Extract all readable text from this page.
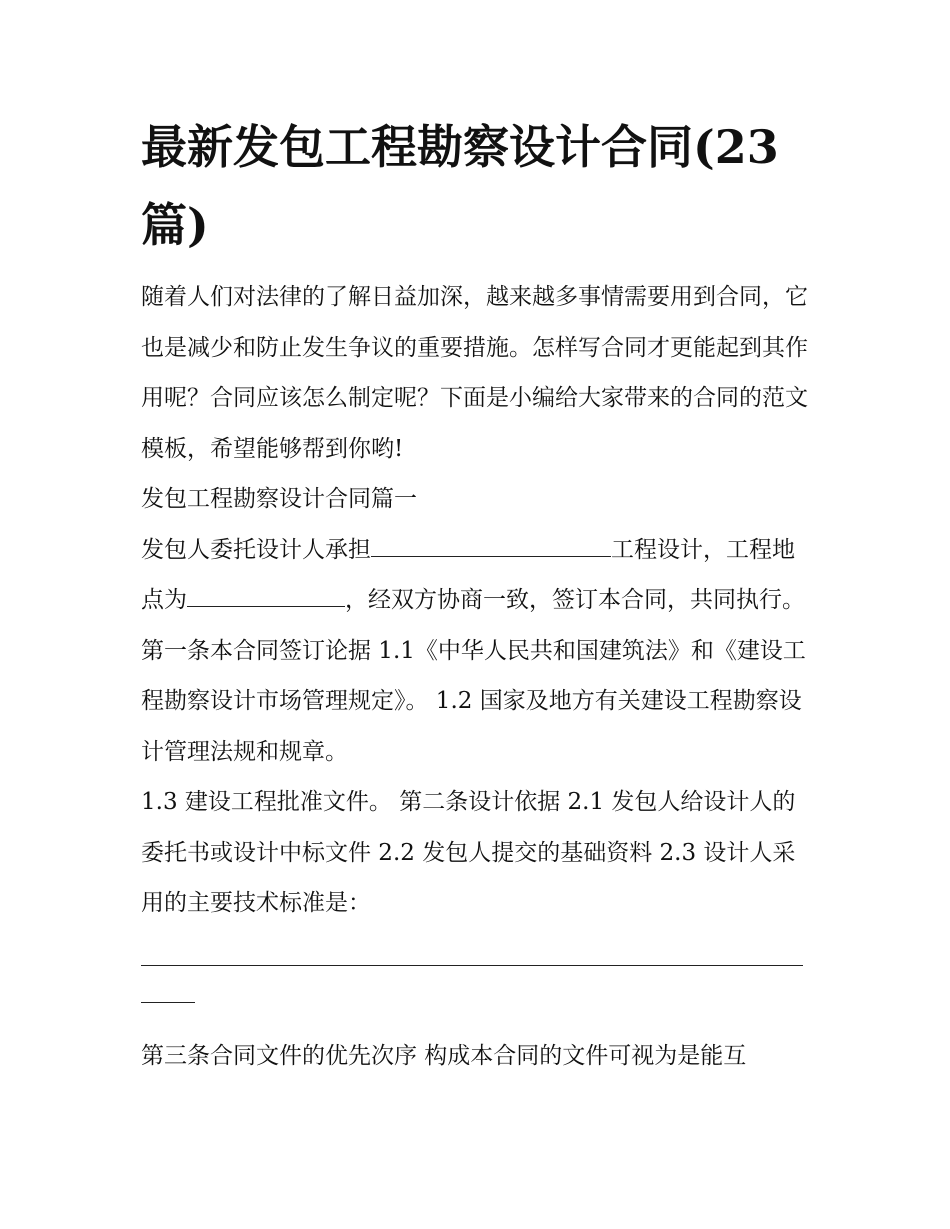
最新发包工程勘察设计合同(23篇)

随着人们对法律的了解日益加深，越来越多事情需要用到合同，它也是减少和防止发生争议的重要措施。怎样写合同才更能起到其作用呢？合同应该怎么制定呢？下面是小编给大家带来的合同的范文模板，希望能够帮到你哟!

发包工程勘察设计合同篇一

发包人委托设计人承担	工程设计，工程地点为	，经双方协商一致，签订本合同，共同执行。

第一条本合同签订论据 1.1《中华人民共和国建筑法》和《建设工程勘察设计市场管理规定》。 1.2 国家及地方有关建设工程勘察设计管理法规和规章。

1.3 建设工程批准文件。 第二条设计依据 2.1 发包人给设计人的委托书或设计中标文件 2.2 发包人提交的基础资料 2.3 设计人采用的主要技术标准是：

第三条合同文件的优先次序 构成本合同的文件可视为是能互
